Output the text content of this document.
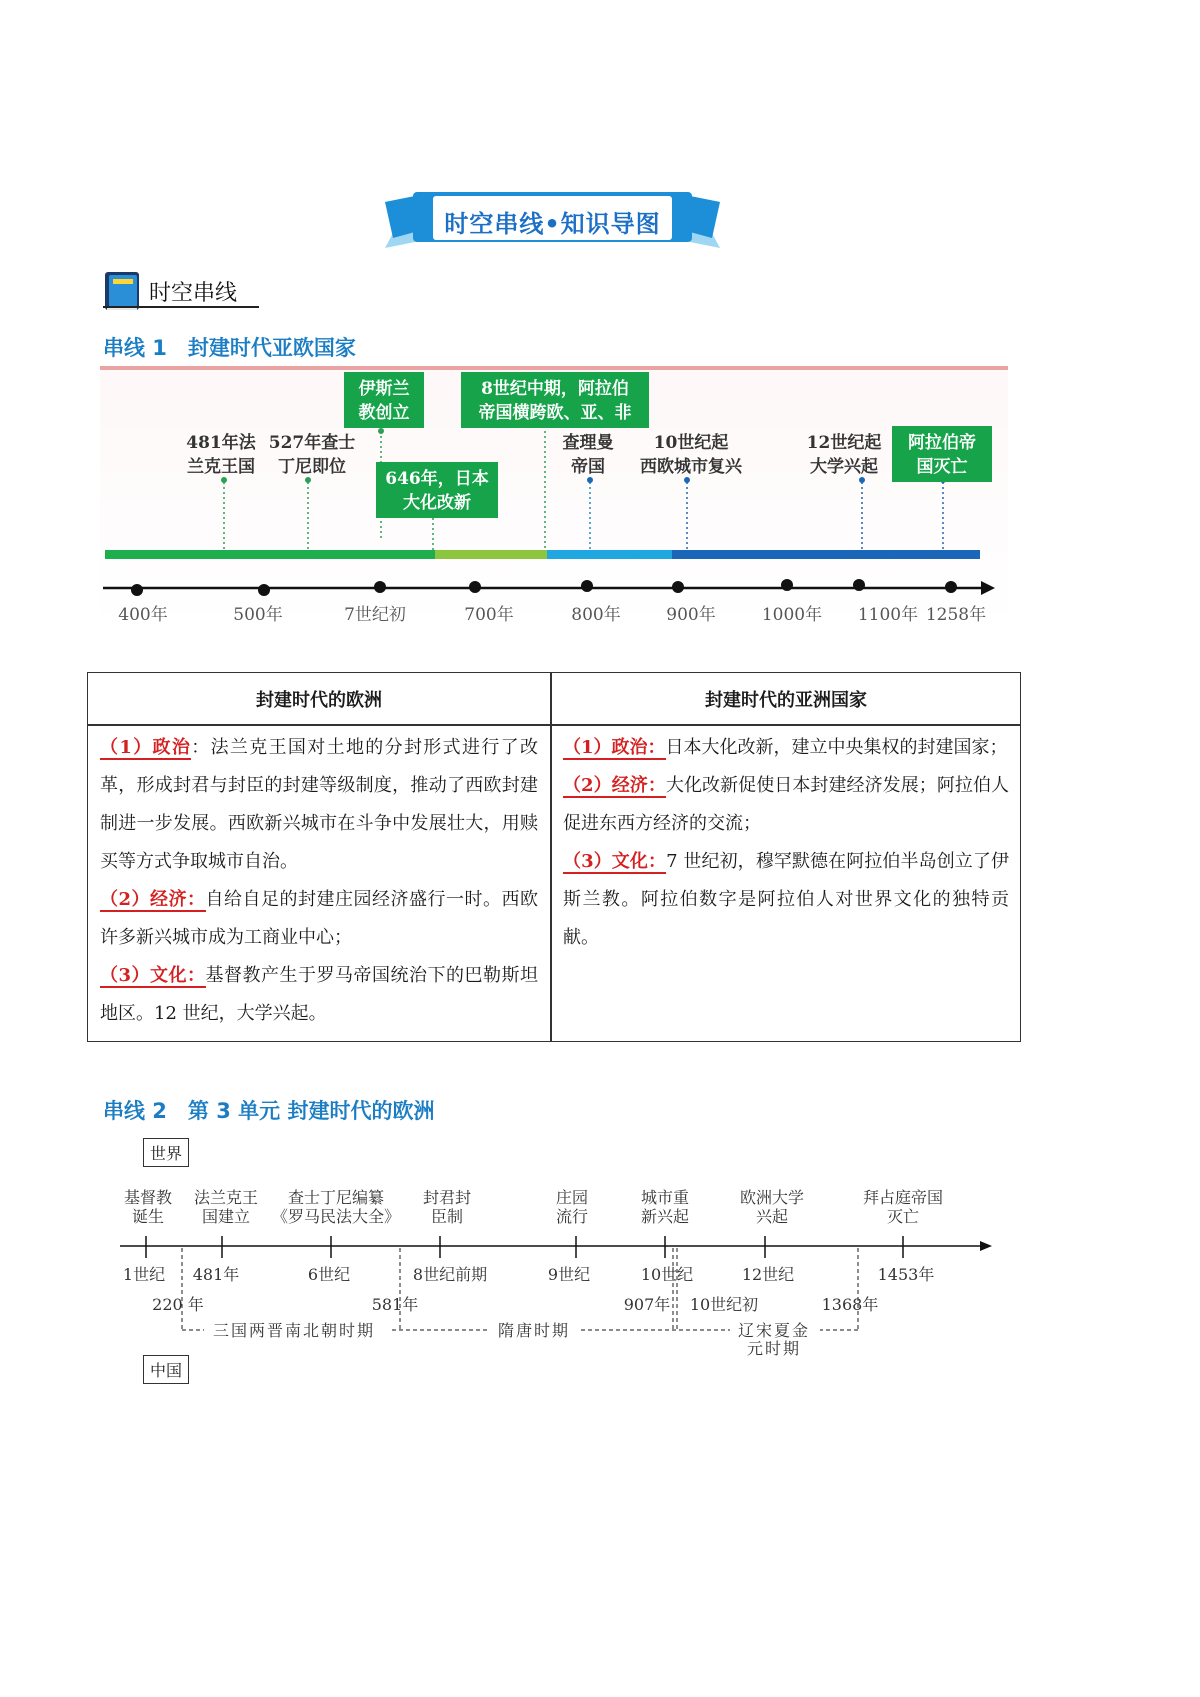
时空串线•知识导图
时空串线
串线 1　封建时代亚欧国家
伊斯兰
教创立
8世纪中期，阿拉伯
帝国横跨欧、亚、非
646年，日本
大化改新
阿拉伯帝
国灭亡
481年法
兰克王国
527年查士
丁尼即位
查理曼
帝国
10世纪起
西欧城市复兴
12世纪起
大学兴起
400年	500年	7世纪初	700年	800年	900年	1000年 1100年 1258年
封建时代的欧洲	封建时代的亚洲国家

（1）政治：法兰克王国对土地的分封形式进行了改革，形成封君与封臣的封建等级制度，推动了西欧封建制进一步发展。西欧新兴城市在斗争中发展壮大，用赎买等方式争取城市自治。

（2）经济：自给自足的封建庄园经济盛行一时。西欧许多新兴城市成为工商业中心；

（3）文化：基督教产生于罗马帝国统治下的巴勒斯坦地区。12 世纪，大学兴起。

（1）政治：日本大化改新，建立中央集权的封建国家；

（2）经济：大化改新促使日本封建经济发展；阿拉伯人促进东西方经济的交流；

（3）文化：7 世纪初，穆罕默德在阿拉伯半岛创立了伊斯兰教。阿拉伯数字是阿拉伯人对世界文化的独特贡献。

串线 2　第 3 单元 封建时代的欧洲
世界
中国
基督教
诞生
法兰克王
国建立
查士丁尼编纂
《罗马民法大全》
封君封
臣制
庄园
流行
城市重
新兴起
欧洲大学
兴起
拜占庭帝国
灭亡
1世纪 481年	6世纪	8世纪前期	9世纪	10世纪	12世纪	1453年
220 年	581年	907年 10世纪初	1368年
三国两晋南北朝时期	隋唐时期	辽宋夏金
元时期
